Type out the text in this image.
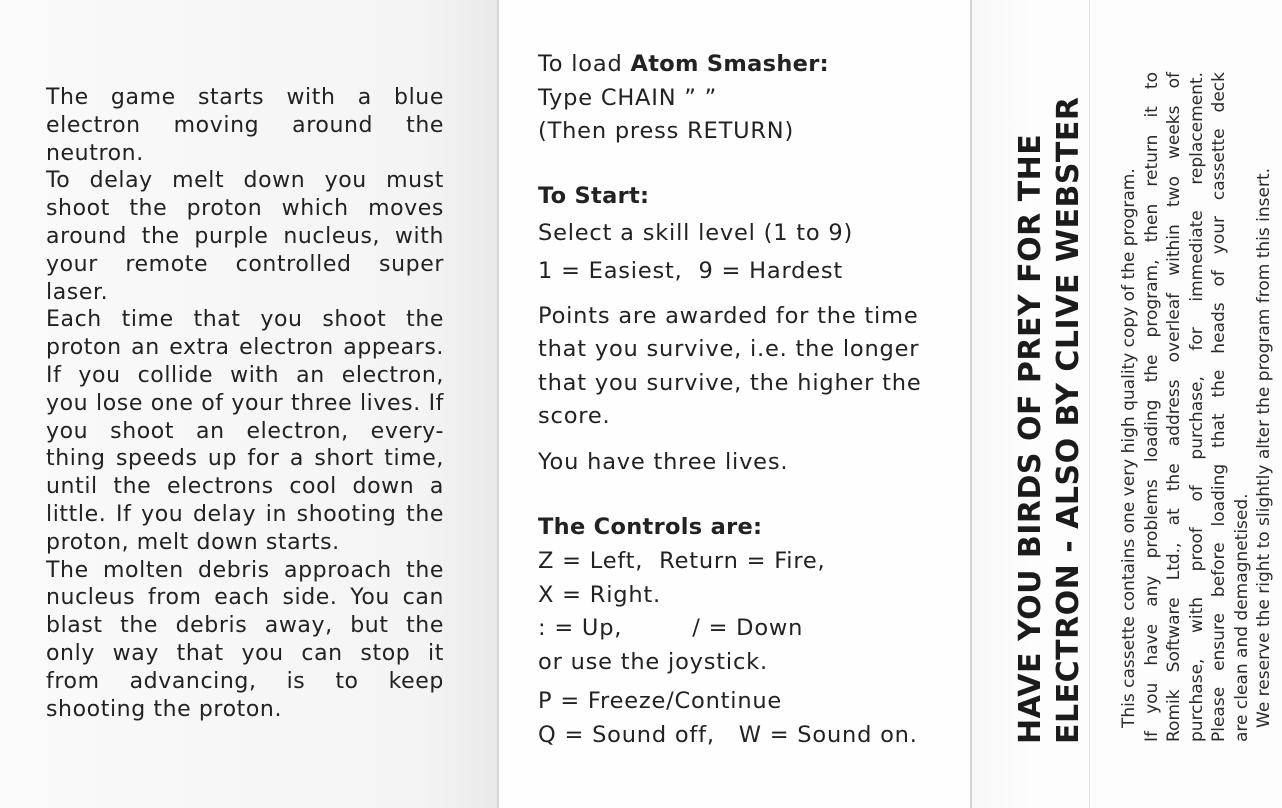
The game starts with a blue electron moving around the neutron.

To delay melt down you must shoot the proton which moves around the purple nucleus, with your remote controlled super laser.

Each time that you shoot the proton an extra electron appears. If you collide with an electron, you lose one of your three lives. If you shoot an electron, every-thing speeds up for a short time, until the electrons cool down a little. If you delay in shooting the proton, melt down starts.

The molten debris approach the nucleus from each side. You can blast the debris away, but the only way that you can stop it from advancing, is to keep shooting the proton.

To load Atom Smasher:
Type CHAIN ” ”
(Then press RETURN)
To Start:
Select a skill level (1 to 9)
1 = Easiest,  9 = Hardest
Points are awarded for the time that you survive, i.e. the longer that you survive, the higher the score.
You have three lives.
The Controls are:
Z = Left, Return = Fire,
X = Right.
: = Up,	/ = Down
or use the joystick.
P = Freeze/Continue
Q = Sound off, W = Sound on.	HAVE YOU BIRDS OF PREY FOR THE ELECTRON - ALSO BY CLIVE WEBSTER This cassette contains one very high quality copy of the program. If you have any problems loading the program, then return it to Romik Software Ltd., at the address overleaf within two weeks of purchase, with proof of purchase, for immediate replacement. Please ensure before loading that the heads of your cassette deck are clean and demagnetised. We reserve the right to slightly alter the program from this insert.
